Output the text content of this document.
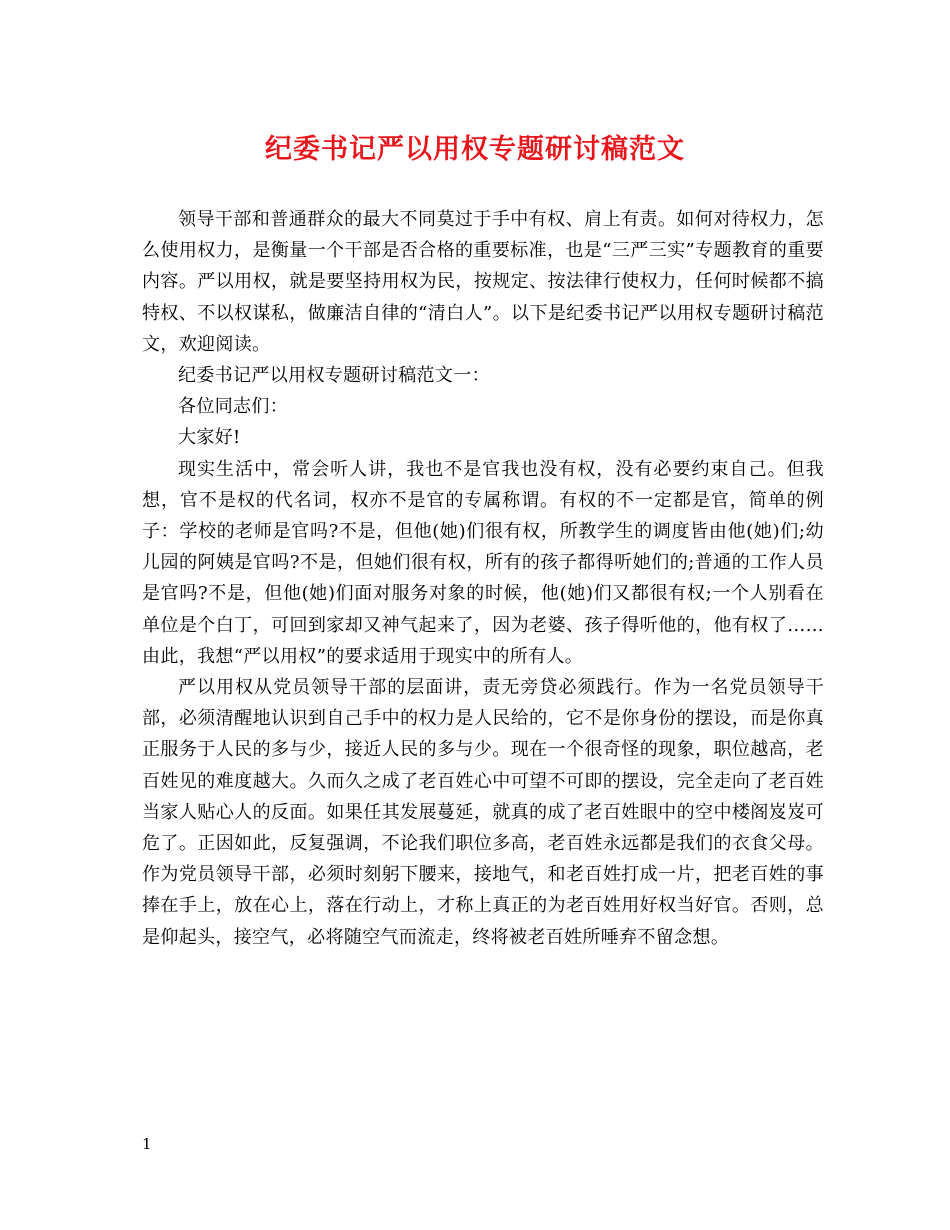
纪委书记严以用权专题研讨稿范文

领导干部和普通群众的最大不同莫过于手中有权、肩上有责。如何对待权力，怎么使用权力，是衡量一个干部是否合格的重要标准，也是“三严三实”专题教育的重要内容。严以用权，就是要坚持用权为民，按规定、按法律行使权力，任何时候都不搞特权、不以权谋私，做廉洁自律的“清白人”。以下是纪委书记严以用权专题研讨稿范文，欢迎阅读。

纪委书记严以用权专题研讨稿范文一：

各位同志们：

大家好!

现实生活中，常会听人讲，我也不是官我也没有权，没有必要约束自己。但我想，官不是权的代名词，权亦不是官的专属称谓。有权的不一定都是官，简单的例子：学校的老师是官吗?不是，但他(她)们很有权，所教学生的调度皆由他(她)们;幼儿园的阿姨是官吗?不是，但她们很有权，所有的孩子都得听她们的;普通的工作人员是官吗?不是，但他(她)们面对服务对象的时候，他(她)们又都很有权;一个人别看在单位是个白丁，可回到家却又神气起来了，因为老婆、孩子得听他的，他有权了……由此，我想“严以用权”的要求适用于现实中的所有人。

严以用权从党员领导干部的层面讲，责无旁贷必须践行。作为一名党员领导干部，必须清醒地认识到自己手中的权力是人民给的，它不是你身份的摆设，而是你真正服务于人民的多与少，接近人民的多与少。现在一个很奇怪的现象，职位越高，老百姓见的难度越大。久而久之成了老百姓心中可望不可即的摆设，完全走向了老百姓当家人贴心人的反面。如果任其发展蔓延，就真的成了老百姓眼中的空中楼阁岌岌可危了。正因如此，反复强调，不论我们职位多高，老百姓永远都是我们的衣食父母。作为党员领导干部，必须时刻躬下腰来，接地气，和老百姓打成一片，把老百姓的事捧在手上，放在心上，落在行动上，才称上真正的为老百姓用好权当好官。否则，总是仰起头，接空气，必将随空气而流走，终将被老百姓所唾弃不留念想。

1
